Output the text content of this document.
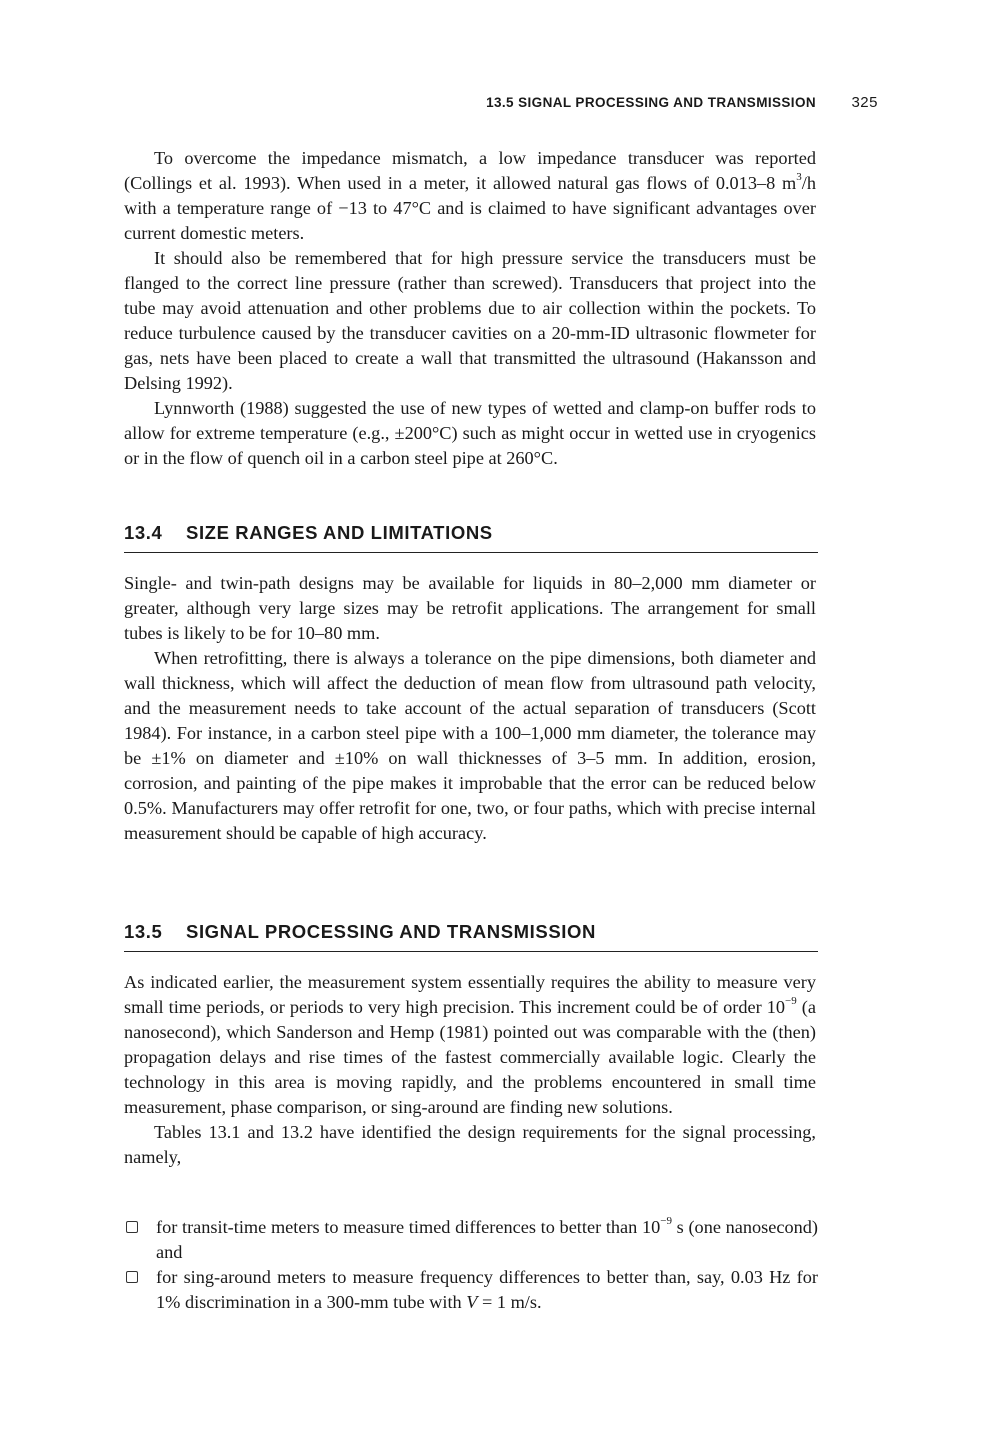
13.5 SIGNAL PROCESSING AND TRANSMISSION 325

To overcome the impedance mismatch, a low impedance transducer was reported (Collings et al. 1993). When used in a meter, it allowed natural gas flows of 0.013–8 $m^3/h$ with a temperature range of −13 to 47°C and is claimed to have significant advantages over current domestic meters.

It should also be remembered that for high pressure service the transducers must be flanged to the correct line pressure (rather than screwed). Transducers that project into the tube may avoid attenuation and other problems due to air collection within the pockets. To reduce turbulence caused by the transducer cavities on a 20-mm-ID ultrasonic flowmeter for gas, nets have been placed to create a wall that transmitted the ultrasound (Hakansson and Delsing 1992).

Lynnworth (1988) suggested the use of new types of wetted and clamp-on buffer rods to allow for extreme temperature (e.g., ±200°C) such as might occur in wetted use in cryogenics or in the flow of quench oil in a carbon steel pipe at 260°C.

13.4 SIZE RANGES AND LIMITATIONS

Single- and twin-path designs may be available for liquids in 80–2,000 mm diameter or greater, although very large sizes may be retrofit applications. The arrangement for small tubes is likely to be for 10–80 mm.

When retrofitting, there is always a tolerance on the pipe dimensions, both diameter and wall thickness, which will affect the deduction of mean flow from ultrasound path velocity, and the measurement needs to take account of the actual separation of transducers (Scott 1984). For instance, in a carbon steel pipe with a 100–1,000 mm diameter, the tolerance may be ±1% on diameter and ±10% on wall thicknesses of 3–5 mm. In addition, erosion, corrosion, and painting of the pipe makes it improbable that the error can be reduced below 0.5%. Manufacturers may offer retrofit for one, two, or four paths, which with precise internal measurement should be capable of high accuracy.

13.5 SIGNAL PROCESSING AND TRANSMISSION

As indicated earlier, the measurement system essentially requires the ability to measure very small time periods, or periods to very high precision. This increment could be of order $10^{-9}$ (a nanosecond), which Sanderson and Hemp (1981) pointed out was comparable with the (then) propagation delays and rise times of the fastest commercially available logic. Clearly the technology in this area is moving rapidly, and the problems encountered in small time measurement, phase comparison, or sing-around are finding new solutions.

Tables 13.1 and 13.2 have identified the design requirements for the signal processing, namely,

for transit-time meters to measure timed differences to better than $10^{-9}$ s (one nanosecond) and
for sing-around meters to measure frequency differences to better than, say, 0.03 Hz for 1% discrimination in a 300-mm tube with V = 1 m/s.
